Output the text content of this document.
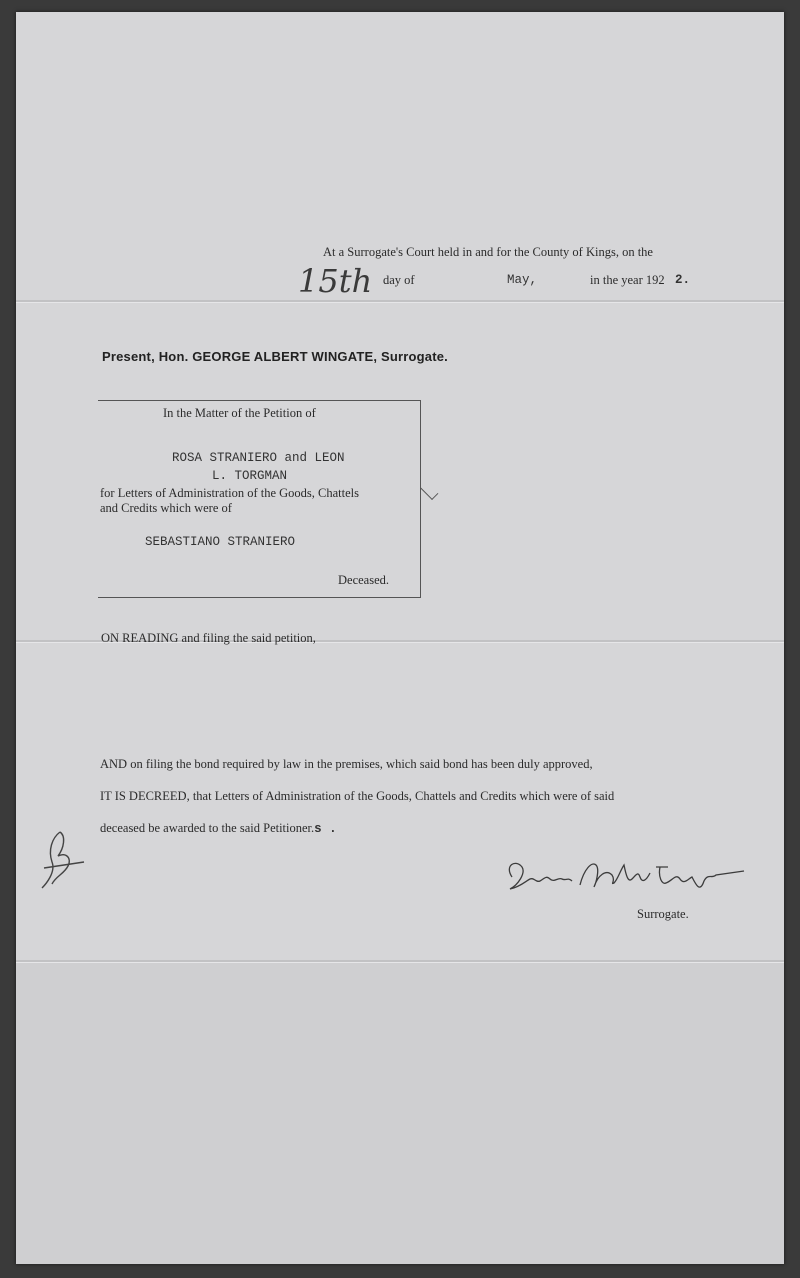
At a Surrogate's Court held in and for the County of Kings, on the
15th day of	May,	in the year 192 2.
Present, Hon. GEORGE ALBERT WINGATE, Surrogate.
In the Matter of the Petition of
ROSA STRANIERO and LEON
L. TORGMAN
for Letters of Administration of the Goods, Chattels
and Credits which were of
SEBASTIANO STRANIERO
Deceased.
ON READING and filing the said petition,
AND on filing the bond required by law in the premises, which said bond has been duly approved,
IT IS DECREED, that Letters of Administration of the Goods, Chattels and Credits which were of said
deceased be awarded to the said Petitioner.s .
Surrogate.
